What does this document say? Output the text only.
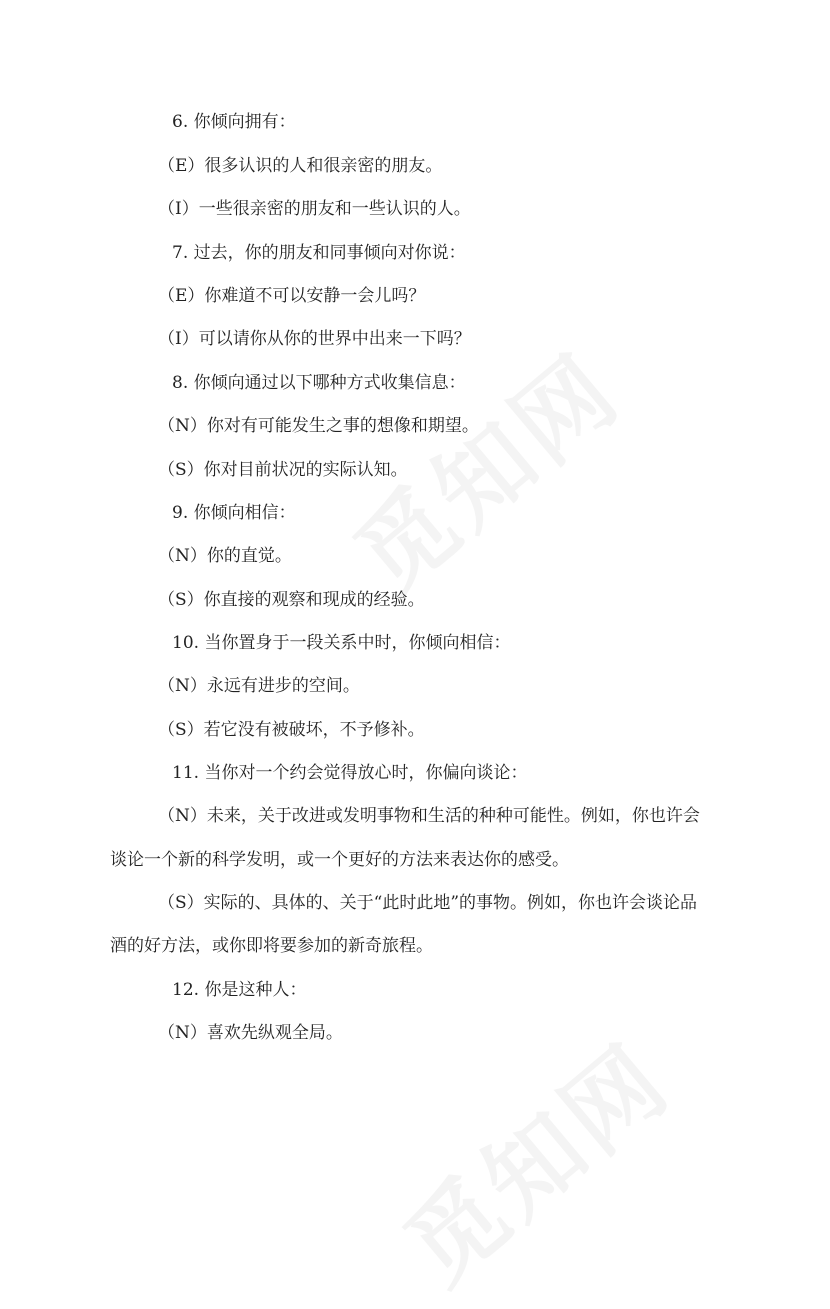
6. 你倾向拥有：
（E）很多认识的人和很亲密的朋友。
（I）一些很亲密的朋友和一些认识的人。
7. 过去，你的朋友和同事倾向对你说：
（E）你难道不可以安静一会儿吗？
（I）可以请你从你的世界中出来一下吗？
8. 你倾向通过以下哪种方式收集信息：
（N）你对有可能发生之事的想像和期望。
（S）你对目前状况的实际认知。
9. 你倾向相信：
（N）你的直觉。
（S）你直接的观察和现成的经验。
10. 当你置身于一段关系中时，你倾向相信：
（N）永远有进步的空间。
（S）若它没有被破坏，不予修补。
11. 当你对一个约会觉得放心时，你偏向谈论：
（N）未来，关于改进或发明事物和生活的种种可能性。例如，你也许会
谈论一个新的科学发明，或一个更好的方法来表达你的感受。
（S）实际的、具体的、关于“此时此地”的事物。例如，你也许会谈论品
酒的好方法，或你即将要参加的新奇旅程。
12. 你是这种人：
（N）喜欢先纵观全局。
